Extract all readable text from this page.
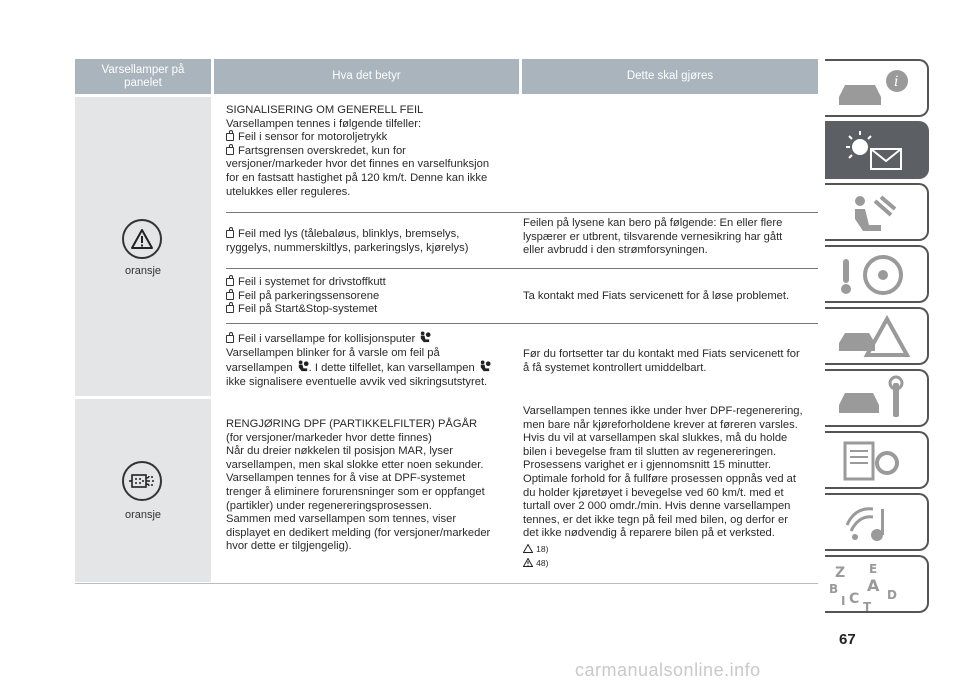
Varsellamper på panelet
Hva det betyr	Dette skal gjøres
oransje
oransje
SIGNALISERING OM GENERELL FEIL
Varsellampen tennes i følgende tilfeller:
Feil i sensor for motoroljetrykk
Fartsgrensen overskredet, kun for
versjoner/markeder hvor det finnes en varselfunksjon
for en fastsatt hastighet på 120 km/t. Denne kan ikke
utelukkes eller reguleres.
Feil med lys (tålebaløus, blinklys, bremselys,
ryggelys, nummerskiltlys, parkeringslys, kjørelys)
Feilen på lysene kan bero på følgende: En eller flere
lyspærer er utbrent, tilsvarende vernesikring har gått
eller avbrudd i den strømforsyningen.
Feil i systemet for drivstoffkutt
Feil på parkeringssensorene
Feil på Start&Stop-systemet
Ta kontakt med Fiats servicenett for å løse problemet.
Feil i varsellampe for kollisjonsputer
Varsellampen blinker for å varsle om feil på
varsellampen . I dette tilfellet, kan varsellampen
ikke signalisere eventuelle avvik ved sikringsutstyret.
Før du fortsetter tar du kontakt med Fiats servicenett for
å få systemet kontrollert umiddelbart.
RENGJØRING DPF (PARTIKKELFILTER) PÅGÅR
(for versjoner/markeder hvor dette finnes)
Når du dreier nøkkelen til posisjon MAR, lyser
varsellampen, men skal slokke etter noen sekunder.
Varsellampen tennes for å vise at DPF-systemet
trenger å eliminere forurensninger som er oppfanget
(partikler) under regenereringsprosessen.
Sammen med varsellampen som tennes, viser
displayet en dedikert melding (for versjoner/markeder
hvor dette er tilgjengelig).
Varsellampen tennes ikke under hver DPF-regenerering,
men bare når kjøreforholdene krever at føreren varsles.
Hvis du vil at varsellampen skal slukkes, må du holde
bilen i bevegelse fram til slutten av regenereringen.
Prosessens varighet er i gjennomsnitt 15 minutter.
Optimale forhold for å fullføre prosessen oppnås ved at
du holder kjøretøyet i bevegelse ved 60 km/t. med et
turtall over 2 000 omdr./min. Hvis denne varsellampen
tennes, er det ikke tegn på feil med bilen, og derfor er
det ikke nødvendig å reparere bilen på et verksted.
18)
48)
i
Z E
B A
I C D
T
67
carmanualsonline.info
